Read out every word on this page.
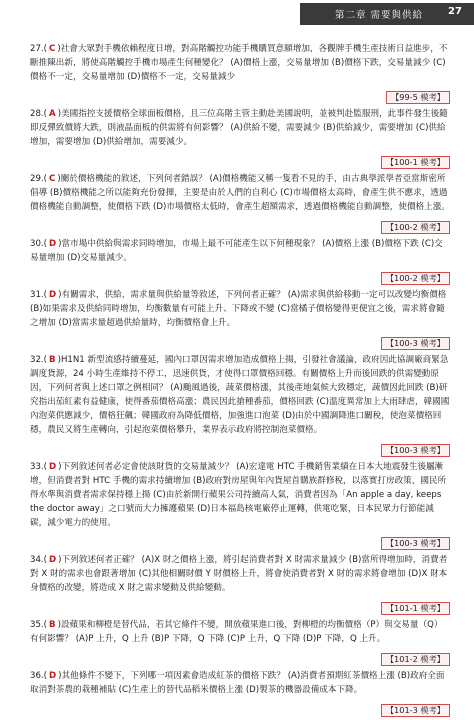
第二章 需要與供給 27
27.( C )社會大眾對手機依賴程度日增，對高階觸控功能手機購買意願增加，各觀牌手機生產技術日益進步，不斷推陳出新，將使高階觸控手機市場產生何種變化？ (A)價格上漲，交易量增加 (B)價格下跌，交易量減少 (C)價格不一定，交易量增加 (D)價格不一定，交易量減少
【99-5 模考】
28.( A )美國指控支援價格全球面板價格，且三位高階主管主動赴美國說明，並被判赴監服刑，此事件發生後隨即反彈致價將大跌，則液晶面板的供需將有何影響？ (A)供給不變，需要減少 (B)供給減少，需要增加 (C)供給增加，需要增加 (D)供給增加，需要減少。
【100-1 模考】
29.( C )關於價格機能的敘述，下列何者錯誤？ (A)價格機能又稱一隻看不見的手，由古典學派學者亞當斯密所倡導 (B)價格機能之所以能夠充份發揮，主要是由於人們的自利心 (C)市場價格太高時，會產生供不應求，透過價格機能自動調整，使價格下跌 (D)市場價格太低時，會產生超額需求，透過價格機能自動調整，使價格上漲。
【100-2 模考】
30.( D )當市場中供給與需求同時增加，市場上最不可能產生以下何種現象？ (A)價格上漲 (B)價格下跌 (C)交易量增加 (D)交易量減少。
【100-2 模考】
31.( D )有關需求，供給，需求量與供給量等敘述，下列何者正確？ (A)需求與供給移動一定可以改變均衡價格 (B)如果需求及供給同時增加，均衡數量有可能上升、下降或不變 (C)當橘子價格變得更便宜之後，需求將會隨之增加 (D)當需求量超過供給量時，均衡價格會上升。
【100-3 模考】
32.( B )H1N1 新型流感持續蔓延，國內口罩因需求增加造成價格上揚，引發社會議論，政府因此協調廠商緊急調度貨源，24 小時生產維持不停工，迅速供貨，才使得口罩價格回穩。有關價格上升而後回跌的供需變動原因，下列何者與上述口罩之例相同？ (A)颱風過後，蔬菜價格漲，其後產地氣候大致穩定，蔬價因此回跌 (B)研究指出茄紅素有益健康，使得番茄價格高漲；農民因此搶種番茄，價格回跌 (C)溫度異常加上大雨肆虐，韓國國內泡菜供應減少，價格狂飆；韓國政府為降低價格，加強進口泡菜 (D)由於中國調降進口關稅，使泡菜價格回穩，農民又將生產轉向，引起泡菜價格攀升，業界表示政府將控制泡菜價格。
【100-3 模考】
33.( D )下列敘述何者必定會使該財貨的交易量減少？ (A)宏達電 HTC 手機銷售業績在日本大地震發生後屬漸增，但消費者對 HTC 手機的需求持續增加 (B)政府對房屋與年內貨屋首購族群修稅，以落實打房政策，國民所得水準與消費者需求保持穩上揚 (C)由於新開行蘋果公司持續高人氣，消費者因為「An apple a day, keeps the doctor away」之口號而大力擁護蘋果 (D)日本福島核電廠停止運轉，供電吃緊，日本民眾力行節能減碳，減少電力的使用。
【100-3 模考】
34.( D )下列敘述何者正確？ (A)X 財之價格上漲，將引起消費者對 X 財需求量減少 (B)當所得增加時，消費者對 X 財的需求也會跟著增加 (C)其他相關財價 Y 財價格上升，將會使消費者對 X 財的需求將會增加 (D)X 財本身價格的改變，將造成 X 財之需求變動及供給變動。
【101-1 模考】
35.( B )設蘋果和柳橙是替代品，若其它條件不變，開放蘋果進口後，對柳橙的均衡價格（P）與交易量（Q）有何影響？ (A)P 上升，Q 上升 (B)P 下降，Q 下降 (C)P 上升，Q 下降 (D)P 下降，Q 上升。
【101-2 模考】
36.( D )其他條件不變下，下列哪一項因素會造成紅茶的價格下跌？ (A)消費者預期紅茶價格上漲 (B)政府全面取消對茶農的栽種補貼 (C)生產上的替代品稻米價格上漲 (D)製茶的機器設備成本下降。
【101-3 模考】
